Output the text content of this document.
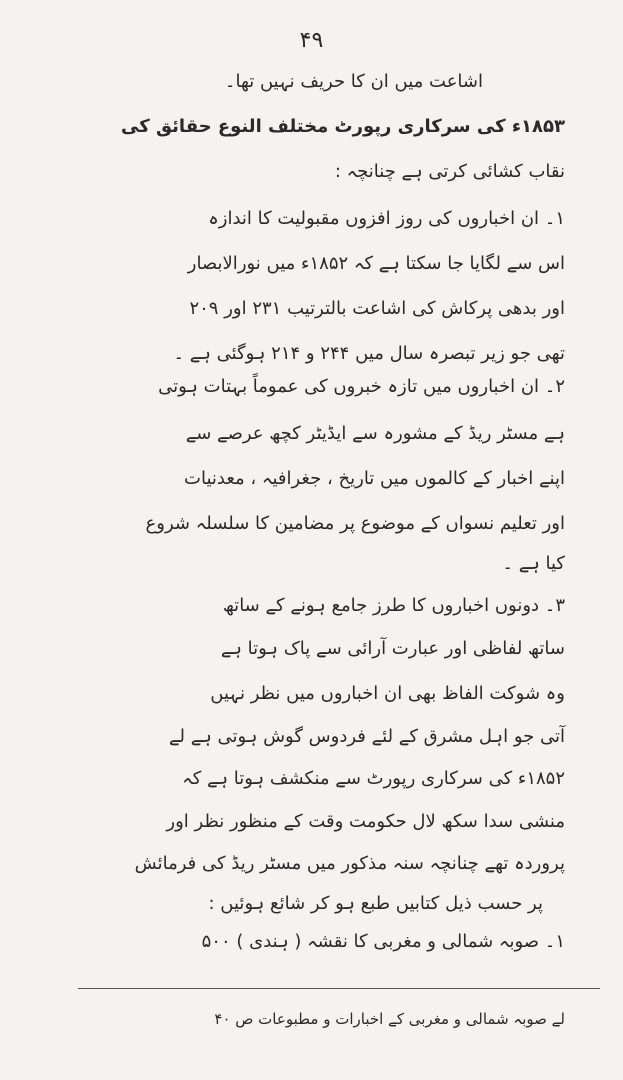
۴۹
اشاعت میں ان کا حریف نہیں تھا۔
۱۸۵۳ء کی سرکاری رپورٹ مختلف النوع حقائق کی
نقاب کشائی کرتی ہے چنانچہ :
۱۔ ان اخباروں کی روز افزوں مقبولیت کا اندازہ
اس سے لگایا جا سکتا ہے کہ ۱۸۵۲ء میں نورالابصار
اور بدھی پرکاش کی اشاعت بالترتیب ۲۳۱ اور ۲۰۹
تھی جو زیر تبصرہ سال میں ۲۴۴ و ۲۱۴ ہوگئی ہے ۔
۲۔ ان اخباروں میں تازہ خبروں کی عموماً بہتات ہوتی
ہے مسٹر ریڈ کے مشورہ سے ایڈیٹر کچھ عرصے سے
اپنے اخبار کے کالموں میں تاریخ ، جغرافیہ ، معدنیات
اور تعلیم نسواں کے موضوع پر مضامین کا سلسلہ شروع
کیا ہے ۔
۳۔ دونوں اخباروں کا طرز جامع ہونے کے ساتھ
ساتھ لفاظی اور عبارت آرائی سے پاک ہوتا ہے
وہ شوکت الفاظ بھی ان اخباروں میں نظر نہیں
آتی جو اہل مشرق کے لئے فردوس گوش ہوتی ہے لے
۱۸۵۲ء کی سرکاری رپورٹ سے منکشف ہوتا ہے کہ
منشی سدا سکھ لال حکومت وقت کے منظور نظر اور
پروردہ تھے چنانچہ سنہ مذکور میں مسٹر ریڈ کی فرمائش
پر حسب ذیل کتابیں طبع ہو کر شائع ہوئیں :
۱۔ صوبہ شمالی و مغربی کا نقشہ ( ہندی ) ۵۰۰
لے صوبہ شمالی و مغربی کے اخبارات و مطبوعات ص ۴۰
